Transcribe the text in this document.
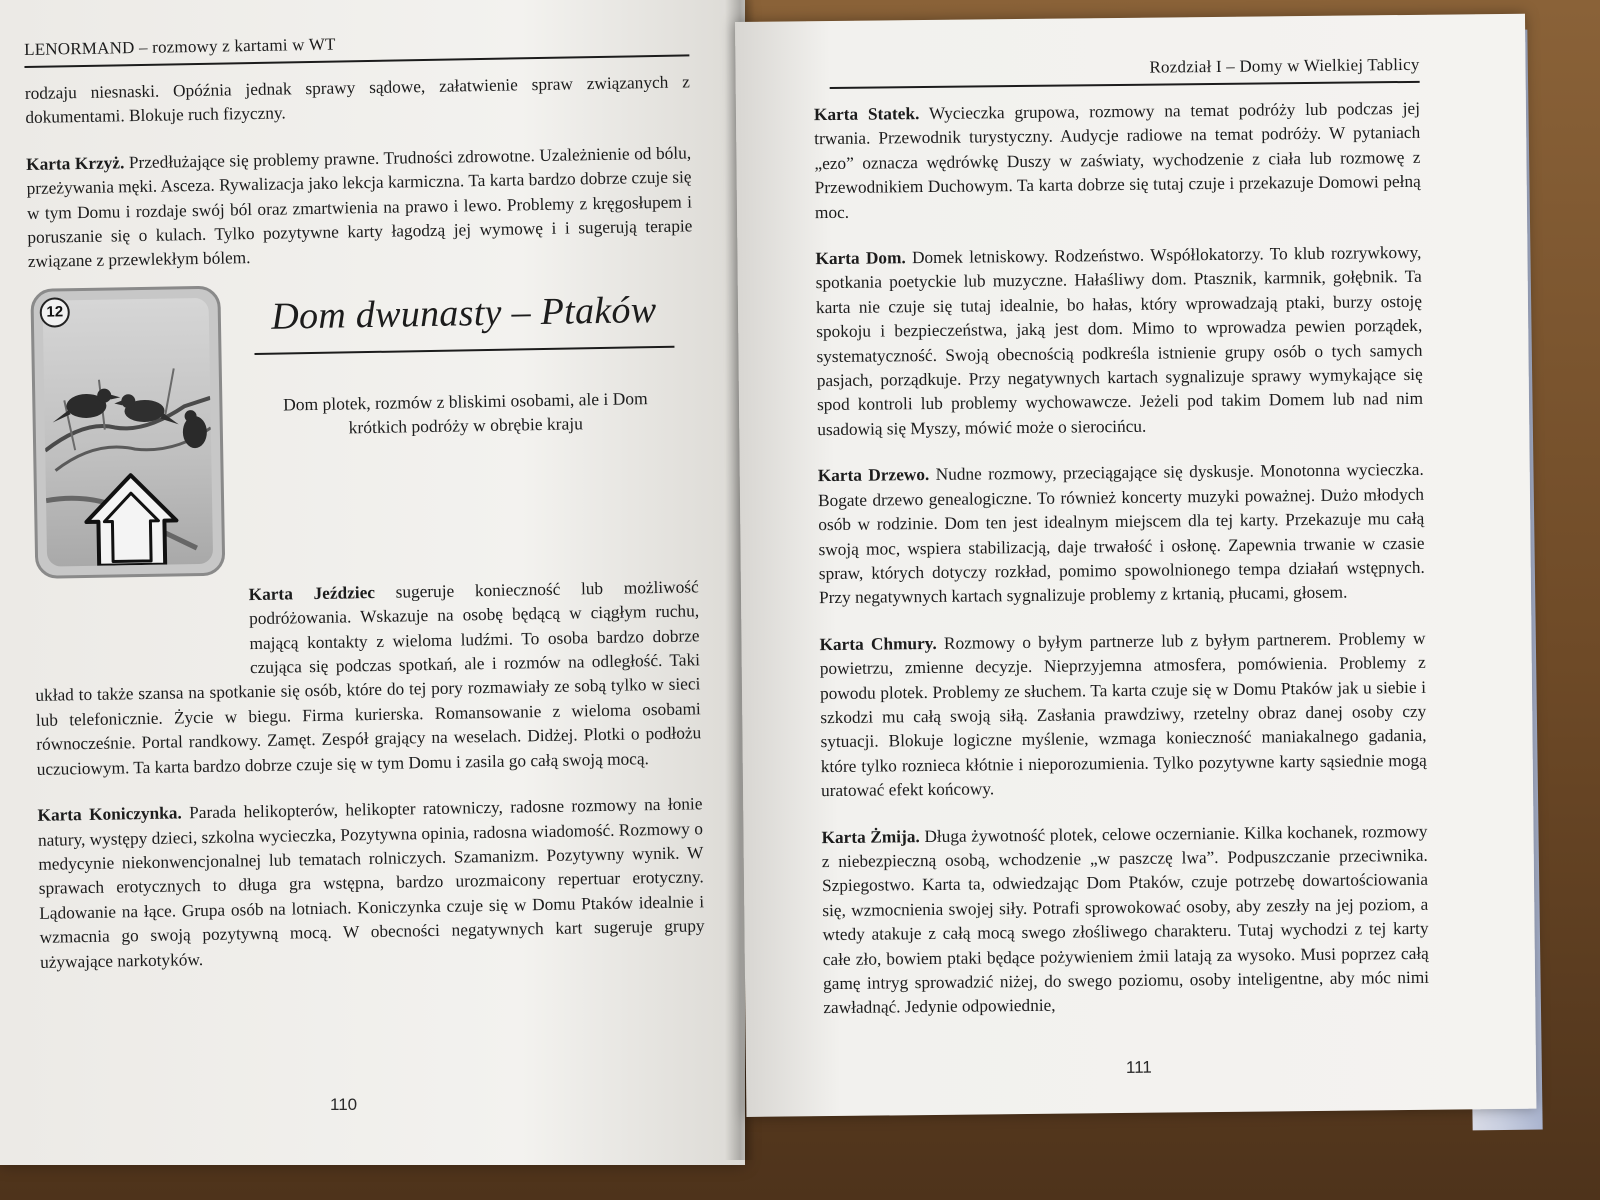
LENORMAND – rozmowy z kartami w WT

rodzaju niesnaski. Opóźnia jednak sprawy sądowe, załatwienie spraw związanych z dokumentami. Blokuje ruch fizyczny.

Karta Krzyż. Przedłużające się problemy prawne. Trudności zdrowotne. Uzależnienie od bólu, przeżywania męki. Asceza. Rywalizacja jako lekcja karmiczna. Ta karta bardzo dobrze czuje się w tym Domu i rozdaje swój ból oraz zmartwienia na prawo i lewo. Problemy z kręgosłupem i poruszanie się o kulach. Tylko pozytywne karty łagodzą jej wymowę i i sugerują terapie związane z przewlekłym bólem.

12	Dom dwunasty – Ptaków
Dom plotek, rozmów z bliskimi osobami, ale i Dom krótkich podróży w obrębie kraju

Karta Jeździec sugeruje konieczność lub możliwość podróżowania. Wskazuje na osobę będącą w ciągłym ruchu, mającą kontakty z wieloma ludźmi. To osoba bardzo dobrze czująca się podczas spotkań, ale i rozmów na odległość. Taki układ to także szansa na spotkanie się osób, które do tej pory rozmawiały ze sobą tylko w sieci lub telefonicznie. Życie w biegu. Firma kurierska. Romansowanie z wieloma osobami równocześnie. Portal randkowy. Zamęt. Zespół grający na weselach. Didżej. Plotki o podłożu uczuciowym. Ta karta bardzo dobrze czuje się w tym Domu i zasila go całą swoją mocą.

Karta Koniczynka. Parada helikopterów, helikopter ratowniczy, radosne rozmowy na łonie natury, występy dzieci, szkolna wycieczka, Pozytywna opinia, radosna wiadomość. Rozmowy o medycynie niekonwencjonalnej lub tematach rolniczych. Szamanizm. Pozytywny wynik. W sprawach erotycznych to długa gra wstępna, bardzo urozmaicony repertuar erotyczny. Lądowanie na łące. Grupa osób na lotniach. Koniczynka czuje się w Domu Ptaków idealnie i wzmacnia go swoją pozytywną mocą. W obecności negatywnych kart sugeruje grupy używające narkotyków.

110
Rozdział I – Domy w Wielkiej Tablicy

Karta Statek. Wycieczka grupowa, rozmowy na temat podróży lub podczas jej trwania. Przewodnik turystyczny. Audycje radiowe na temat podróży. W pytaniach „ezo” oznacza wędrówkę Duszy w zaświaty, wychodzenie z ciała lub rozmowę z Przewodnikiem Duchowym. Ta karta dobrze się tutaj czuje i przekazuje Domowi pełną moc.

Karta Dom. Domek letniskowy. Rodzeństwo. Współlokatorzy. To klub rozrywkowy, spotkania poetyckie lub muzyczne. Hałaśliwy dom. Ptasznik, karmnik, gołębnik. Ta karta nie czuje się tutaj idealnie, bo hałas, który wprowadzają ptaki, burzy ostoję spokoju i bezpieczeństwa, jaką jest dom. Mimo to wprowadza pewien porządek, systematyczność. Swoją obecnością podkreśla istnienie grupy osób o tych samych pasjach, porządkuje. Przy negatywnych kartach sygnalizuje sprawy wymykające się spod kontroli lub problemy wychowawcze. Jeżeli pod takim Domem lub nad nim usadowią się Myszy, mówić może o sierocińcu.

Karta Drzewo. Nudne rozmowy, przeciągające się dyskusje. Monotonna wycieczka. Bogate drzewo genealogiczne. To również koncerty muzyki poważnej. Dużo młodych osób w rodzinie. Dom ten jest idealnym miejscem dla tej karty. Przekazuje mu całą swoją moc, wspiera stabilizacją, daje trwałość i osłonę. Zapewnia trwanie w czasie spraw, których dotyczy rozkład, pomimo spowolnionego tempa działań wstępnych. Przy negatywnych kartach sygnalizuje problemy z krtanią, płucami, głosem.

Karta Chmury. Rozmowy o byłym partnerze lub z byłym partnerem. Problemy w powietrzu, zmienne decyzje. Nieprzyjemna atmosfera, pomówienia. Problemy z powodu plotek. Problemy ze słuchem. Ta karta czuje się w Domu Ptaków jak u siebie i szkodzi mu całą swoją siłą. Zasłania prawdziwy, rzetelny obraz danej osoby czy sytuacji. Blokuje logiczne myślenie, wzmaga konieczność maniakalnego gadania, które tylko roznieca kłótnie i nieporozumienia. Tylko pozytywne karty sąsiednie mogą uratować efekt końcowy.

Karta Żmija. Długa żywotność plotek, celowe oczernianie. Kilka kochanek, rozmowy z niebezpieczną osobą, wchodzenie „w paszczę lwa”. Podpuszczanie przeciwnika. Szpiegostwo. Karta ta, odwiedzając Dom Ptaków, czuje potrzebę dowartościowania się, wzmocnienia swojej siły. Potrafi sprowokować osoby, aby zeszły na jej poziom, a wtedy atakuje z całą mocą swego złośliwego charakteru. Tutaj wychodzi z tej karty całe zło, bowiem ptaki będące pożywieniem żmii latają za wysoko. Musi poprzez całą gamę intryg sprowadzić niżej, do swego poziomu, osoby inteligentne, aby móc nimi zawładnąć. Jedynie odpowiednie,

111
